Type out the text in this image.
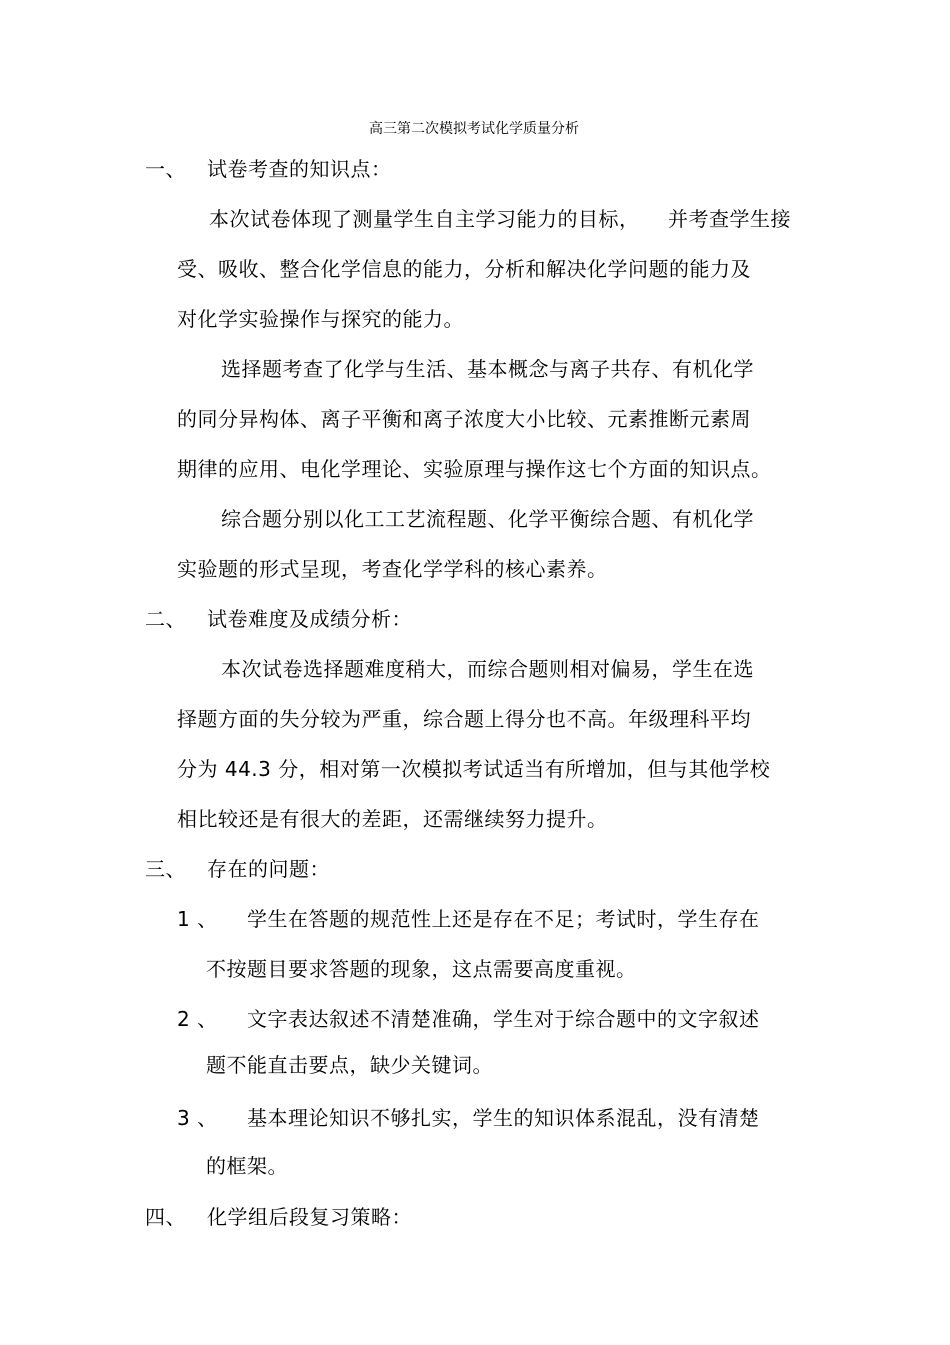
高三第二次模拟考试化学质量分析
一、 试卷考查的知识点：
本次试卷体现了测量学生自主学习能力的目标， 并考查学生接
受、吸收、整合化学信息的能力，分析和解决化学问题的能力及
对化学实验操作与探究的能力。
选择题考查了化学与生活、基本概念与离子共存、有机化学
的同分异构体、离子平衡和离子浓度大小比较、元素推断元素周
期律的应用、电化学理论、实验原理与操作这七个方面的知识点。
综合题分别以化工工艺流程题、化学平衡综合题、有机化学
实验题的形式呈现，考查化学学科的核心素养。
二、 试卷难度及成绩分析：
本次试卷选择题难度稍大，而综合题则相对偏易，学生在选
择题方面的失分较为严重，综合题上得分也不高。年级理科平均
分为 44.3 分，相对第一次模拟考试适当有所增加，但与其他学校
相比较还是有很大的差距，还需继续努力提升。
三、 存在的问题：
1 、 学生在答题的规范性上还是存在不足；考试时，学生存在
不按题目要求答题的现象，这点需要高度重视。
2 、 文字表达叙述不清楚准确，学生对于综合题中的文字叙述
题不能直击要点，缺少关键词。
3 、 基本理论知识不够扎实，学生的知识体系混乱，没有清楚
的框架。
四、 化学组后段复习策略：
